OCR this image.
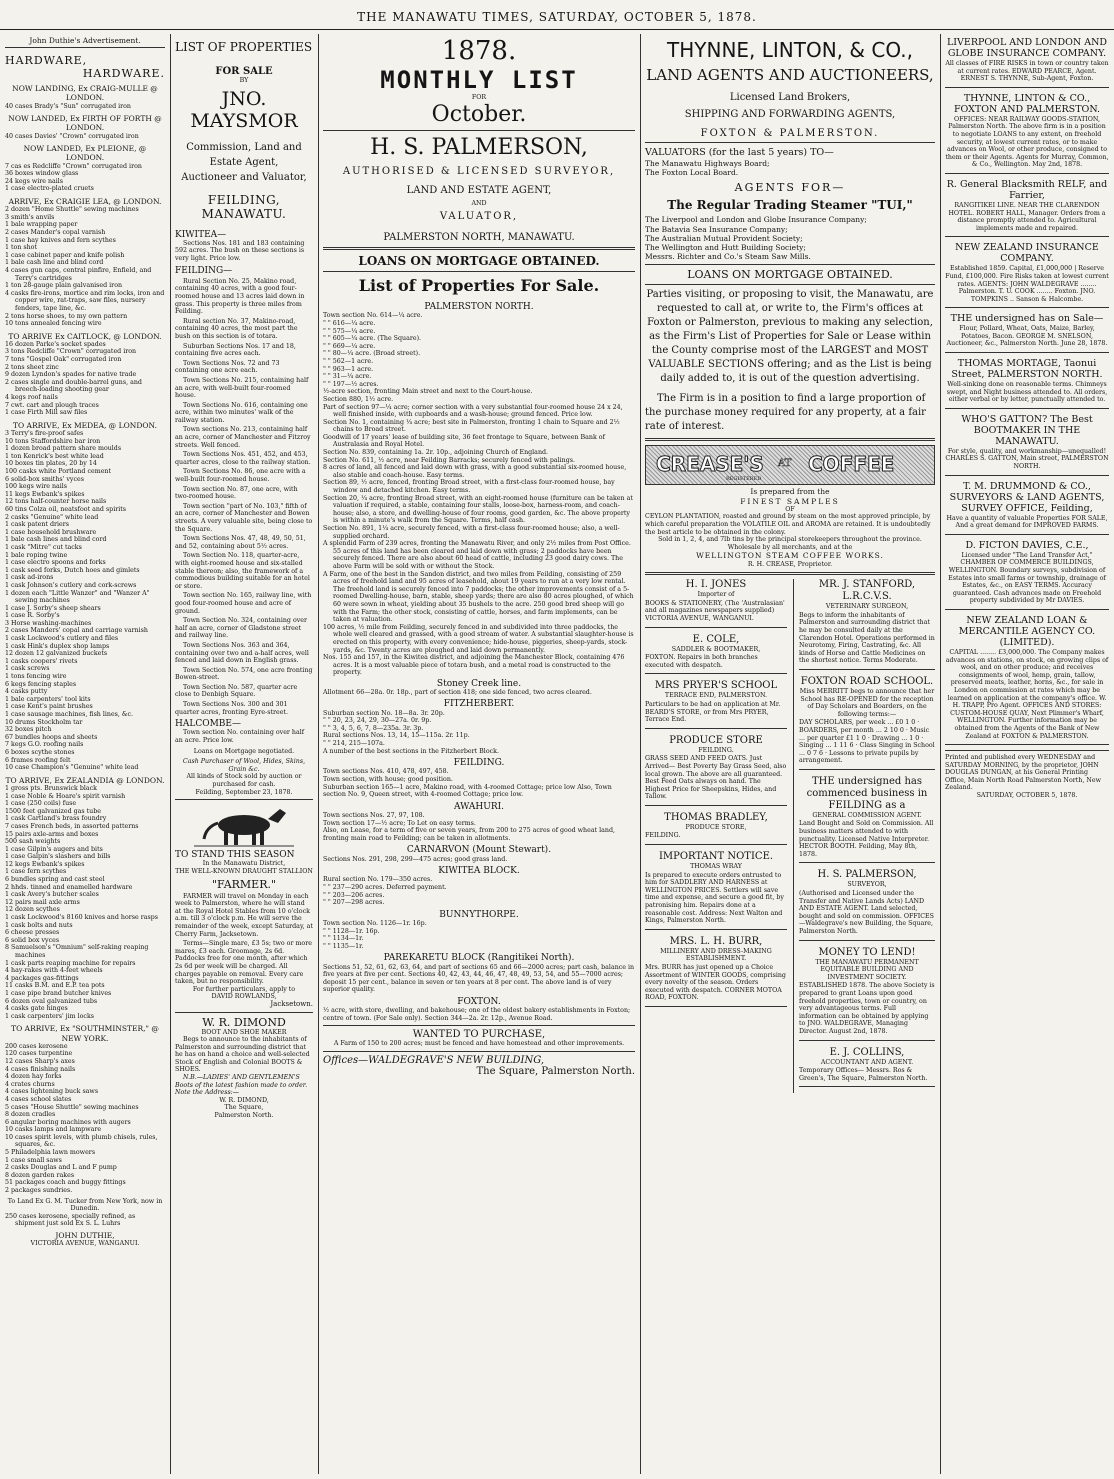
THE MANAWATU TIMES, SATURDAY, OCTOBER 5, 1878.
John Duthie's Advertisement.
HARDWARE,
HARDWARE.
NOW LANDING, Ex CRAIG-MULLE @ LONDON.
40 cases Brady's "Sun" corrugated iron
NOW LANDED, Ex FIRTH OF FORTH @ LONDON.
40 cases Davies' "Crown" corrugated iron
NOW LANDED, Ex PLEIONE, @ LONDON.
7 cas es Redcliffe "Crown" corrugated iron
36 boxes window glass
24 kegs wire nails
1 case electro-plated cruets
ARRIVE, Ex CRAIGIE LEA, @ LONDON.
2 dozen "Home Shuttle" sewing machines
3 smith's anvils
1 bale wrapping paper
2 cases Mander's copal varnish
1 case hay knives and fern scythes
1 ton shot
1 case cabinet paper and knife polish
1 bale cash line and blind cord
4 cases gun caps, central pinfire, Enfield, and Terry's cartridges
1 ton 28-gauge plain galvanised iron
4 casks fire-irons, mortice and rim locks, iron and copper wire, rat-traps, saw files, nursery fenders, tape line, &c.
2 tons horse shoes, to my own pattern
10 tons annealed fencing wire
TO ARRIVE Ex CAITLOCK, @ LONDON.
16 dozen Parke's socket spades
3 tons Redcliffe "Crown" corrugated iron
7 tons "Gospel Oak" corrugated iron
2 tons sheet zinc
9 dozen Lyndon's spades for native trade
2 cases single and double-barrel guns, and breech-loading shooting gear
4 kegs roof nails
7 cwt. cart and plough traces
1 case Firth Mill saw files
TO ARRIVE, Ex MEDEA, @ LONDON.
3 Terry's fire-proof safes
10 tons Staffordshire bar iron
1 dozen broad pattern share moulds
1 ton Kenrick's best white lead
10 boxes tin plates, 20 by 14
100 casks white Portland cement
6 solid-box smiths' vyces
100 kegs wire nails
11 kegs Ewbank's spikes
12 tons half-counter horse nails
60 tins Colza oil, neatsfoot and spirits
2 casks "Genuine" white lead
1 cask patent driers
1 case household brushware
1 bale cash lines and blind cord
1 cask "Mitre" cut tacks
1 bale roping twine
1 case electro spoons and forks
1 cask seed forks, Dutch hoes and gimlets
1 cask ad-irons
1 cask Johnson's cutlery and cork-screws
1 dozen each "Little Wanzer" and "Wanzer A" sewing machines
1 case J. Sorby's sheep shears
1 case R. Sorby's
3 Horse washing-machines
2 cases Manders' copal and carriage varnish
1 cask Lockwood's cutlery and files
1 cask Hink's duplex shop lamps
12 dozen 12 galvanized buckets
1 casks coopers' rivets
1 cask screws
1 tons fencing wire
6 kegs fencing staples
4 casks putty
1 bale carpenters' tool kits
1 case Kent's paint brushes
1 case sausage machines, fish lines, &c.
10 drums Stockholm tar
32 boxes pitch
67 bundles hoops and sheets
7 kegs G.O. roofing nails
6 boxes scythe stones
6 frames roofing felt
10 case Champion's "Genuine" white lead
TO ARRIVE, Ex ZEALANDIA @ LONDON.
1 gross pts. Brunswick black
1 case Noble & Hoare's spirit varnish
1 case (250 coils) fuse
1500 feet galvanized gas tube
1 cask Cartland's brass foundry
7 cases French beds, in assorted patterns
15 pairs axle-arms and boxes
500 sash weights
1 case Gilpin's augers and bits
1 case Galpin's slashers and bills
12 kegs Ewbank's spikes
1 case fern scythes
6 bundles spring and cast steel
2 hhds. tinned and enamelled hardware
1 cask Avery's butcher scales
12 pairs mail axle arms
12 dozen scythes
1 cask Lockwood's 8160 knives and horse rasps
1 cask bolts and nuts
6 cheese presses
6 solid box vyces
8 Samuelson's "Omnium" self-raking reaping machines
1 cask parts reaping machine for repairs
4 hay-rakes with 4-feet wheels
4 packages gas-fittings
11 casks B.M. and E.P. tea pots
1 case pipe brand butcher knives
6 dozen oval galvanized tubs
4 casks gate hinges
1 cask carpenters' jim locks
TO ARRIVE, Ex "SOUTHMINSTER," @ NEW YORK.
200 cases kerosene
120 cases turpentine
12 cases Sharp's axes
4 cases finishing nails
4 dozen hay forks
4 crates churns
4 cases lightening buck saws
4 cases school slates
5 cases "House Shuttle" sewing machines
8 dozen cradles
6 angular boring machines with augers
10 casks lamps and lampware
10 cases spirit levels, with plumb chisels, rules, squares, &c.
5 Philadelphia lawn mowers
1 case small saws
2 casks Douglas and L and F pump
8 dozen garden rakes
51 packages coach and buggy fittings
2 packages sundries.
To Land Ex G. M. Tucker from New York, now in Dunedin.
250 cases kerosene, specially refined, as shipment just sold Ex S. L. Luhrs
JOHN DUTHIE,
VICTORIA AVENUE, WANGANUI.
LIST OF PROPERTIES
FOR SALE
BY
JNO. MAYSMOR
Commission, Land and
Estate Agent,
Auctioneer and Valuator,
FEILDING, MANAWATU.
KIWITEA—
Sections Nos. 181 and 183 containing 592 acres. The bush on these sections is very light. Price low.
FEILDING—
Rural Section No. 25, Makino road, containing 40 acres, with a good four-roomed house and 13 acres laid down in grass. This property is three miles from Feilding.
Rural section No. 37, Makino-road, containing 40 acres, the most part the bush on this section is of totara.
Suburban Sections Nos. 17 and 18, containing five acres each.
Town Sections Nos. 72 and 73 containing one acre each.
Town Sections No. 215, containing half an acre, with well-built four-roomed house.
Town Sections No. 616, containing one acre, within two minutes' walk of the railway station.
Town sections No. 213, containing half an acre, corner of Manchester and Fitzroy streets. Well fenced.
Town Sections Nos. 451, 452, and 453, quarter acres, close to the railway station.
Town Sections No. 86, one acre with a well-built four-roomed house.
Town section No. 87, one acre, with two-roomed house.
Town section "part of No. 103," fifth of an acre, corner of Manchester and Bowen streets. A very valuable site, being close to the Square.
Town Sections Nos. 47, 48, 49, 50, 51, and 52, containing about 5½ acres.
Town Section No. 118, quarter-acre, with eight-roomed house and six-stalled stable thereon; also, the framework of a commodious building suitable for an hotel or store.
Town section No. 165, railway line, with good four-roomed house and acre of ground.
Town Section No. 324, containing over half an acre, corner of Gladstone street and railway line.
Town Sections Nos. 363 and 364, containing over two and a-half acres, well fenced and laid down in English grass.
Town Section No. 574, one acre fronting Bowen-street.
Town Section No. 587, quarter acre close to Denbigh Square.
Town Sections Nos. 300 and 301 quarter acres, fronting Eyre-street.
HALCOMBE—
Town section No. containing over half an acre. Price low.
Loans on Mortgage negotiated.
Cash Purchaser of Wool, Hides, Skins, Grain &c.
All kinds of Stock sold by auction or purchased for cash.
Feilding, September 23, 1878.
TO STAND THIS SEASON
In the Manawatu District,
THE WELL-KNOWN DRAUGHT STALLION
"FARMER."
FARMER will travel on Monday in each week to Palmerston, where he will stand at the Royal Hotel Stables from 10 o'clock a.m. till 3 o'clock p.m. He will serve the remainder of the week, except Saturday, at Cherry Farm, Jacksetown.
Terms—Single mare, £3 5s; two or more mares, £3 each. Groomage, 2s 6d. Paddocks free for one month, after which 2s 6d per week will be charged. All charges payable on removal. Every care taken, but no responsibility.
For further particulars, apply to
DAVID ROWLANDS,
Jacksetown.
W. R. DIMOND
BOOT AND SHOE MAKER
Begs to announce to the inhabitants of Palmerston and surrounding district that he has on hand a choice and well-selected Stock of English and Colonial BOOTS & SHOES.
N.B.—LADIES' AND GENTLEMEN'S Boots of the latest fashion made to order.
Note the Address:—
W. R. DIMOND,
The Square,
Palmerston North.
1878.
MONTHLY LIST
FOR
October.
H. S. PALMERSON,
AUTHORISED & LICENSED SURVEYOR,
LAND AND ESTATE AGENT,
AND
VALUATOR,
PALMERSTON NORTH, MANAWATU.
LOANS ON MORTGAGE OBTAINED.
List of Properties For Sale.
PALMERSTON NORTH.
Town section No. 614—¼ acre.
" " 616—¼ acre.
" " 575—¼ acre.
" " 605—¼ acre. (The Square).
" " 669—¼ acre.
" " 80—¼ acre. (Broad street).
" " 562—1 acre.
" " 963—1 acre.
" " 31—¼ acre.
" " 197—½ acres.
½-acre section, fronting Main street and next to the Court-house.
Section 880, 1½ acre.
Part of section 97—¼ acre; corner section with a very substantial four-roomed house 24 x 24, well finished inside, with cupboards and a wash-house; ground fenced. Price low.
Section No. 1, containing ¼ acre; best site in Palmerston, fronting 1 chain to Square and 2½ chains to Broad street.
Goodwill of 17 years' lease of building site, 36 feet frontage to Square, between Bank of Australasia and Royal Hotel.
Section No. 839, containing 1a. 2r. 10p., adjoining Church of England.
Section No. 611, ½ acre, near Feilding Barracks; securely fenced with palings.
8 acres of land, all fenced and laid down with grass, with a good substantial six-roomed house, also stable and coach-house. Easy terms.
Section 89, ½ acre, fenced, fronting Broad street, with a first-class four-roomed house, bay window and detached kitchen. Easy terms.
Section 20, ¼ acre, fronting Broad street, with an eight-roomed house (furniture can be taken at valuation if required, a stable, containing four stalls, loose-box, harness-room, and coach-house; also, a store, and dwelling-house of four rooms, good garden, &c. The above property is within a minute's walk from the Square. Terms, half cash.
Section No. 891, 1¼ acre, securely fenced, with a first-class four-roomed house; also, a well-supplied orchard.
A splendid Farm of 239 acres, fronting the Manawatu River, and only 2½ miles from Post Office. 55 acres of this land has been cleared and laid down with grass; 2 paddocks have been securely fenced. There are also about 60 head of cattle, including 23 good dairy cows. The above Farm will be sold with or without the Stock.
A Farm, one of the best in the Sandon district, and two miles from Feilding, consisting of 259 acres of freehold land and 95 acres of leasehold, about 19 years to run at a very low rental. The freehold land is securely fenced into 7 paddocks; the other improvements consist of a 5-roomed Dwelling-house, barn, stable, sheep yards; there are also 80 acres ploughed, of which 60 were sown in wheat, yielding about 35 bushels to the acre. 250 good bred sheep will go with the Farm; the other stock, consisting of cattle, horses, and farm implements, can be taken at valuation.
100 acres, ½ mile from Feilding, securely fenced in and subdivided into three paddocks, the whole well cleared and grassed, with a good stream of water. A substantial slaughter-house is erected on this property, with every convenience; hide-house, piggeries, sheep-yards, stock-yards, &c. Twenty acres are ploughed and laid down permanently.
Nos. 155 and 157, in the Kiwitea district, and adjoining the Manchester Block, containing 476 acres. It is a most valuable piece of totara bush, and a metal road is constructed to the property.
Stoney Creek line.
Allotment 66—28a. 0r. 18p., part of section 418; one side fenced, two acres cleared.
FITZHERBERT.
Suburban section No. 18—8a. 3r. 20p.
" " 20, 23, 24, 29, 30—27a. 0r. 9p.
" " 3, 4, 5, 6, 7, 8—235a. 3r. 3p.
Rural sections Nos. 13, 14, 15—115a. 2r. 11p.
" " 214, 215—107a.
A number of the best sections in the Fitzherbert Block.
FEILDING.
Town sections Nos. 410, 478, 497, 458.
Town section, with house; good position.
Suburban section 165—1 acre, Makino road, with 4-roomed Cottage; price low Also, Town section No. 9, Queen street, with 4-roomed Cottage; price low.
AWAHURI.
Town sections Nos. 27, 97, 108.
Town section 17—½ acre; To Let on easy terms.
Also, on Lease, for a term of five or seven years, from 200 to 275 acres of good wheat land, fronting main road to Feilding; can be taken in allotments.
CARNARVON (Mount Stewart).
Sections Nos. 291, 298, 299—475 acres; good grass land.
KIWITEA BLOCK.
Rural section No. 179—350 acres.
" " 237—290 acres. Deferred payment.
" " 203—206 acres.
" " 207—298 acres.
BUNNYTHORPE.
Town section No. 1126—1r. 16p.
" " 1128—1r. 16p.
" " 1134—1r.
" " 1135—1r.
PAREKARETU BLOCK (Rangitikei North).
Sections 51, 52, 61, 62, 63, 64, and part of sections 65 and 66—2000 acres; part cash, balance in five years at five per cent. Sections 40, 42, 43, 44, 46, 47, 48, 49, 53, 54, and 55—7000 acres; deposit 15 per cent., balance in seven or ten years at 8 per cent. The above land is of very superior quality.
FOXTON.
½ acre, with store, dwelling, and bakehouse; one of the oldest bakery establishments in Foxton; centre of town. (For Sale only). Section 344—2a. 2r. 12p., Avenue Road.
WANTED TO PURCHASE,
A Farm of 150 to 200 acres; must be fenced and have homestead and other improvements.
Offices—WALDEGRAVE'S NEW BUILDING,
The Square, Palmerston North.
THYNNE, LINTON, & CO.,
LAND AGENTS AND AUCTIONEERS,
Licensed Land Brokers,
SHIPPING AND FORWARDING AGENTS,
FOXTON & PALMERSTON.
VALUATORS (for the last 5 years) TO—
The Manawatu Highways Board;
The Foxton Local Board.
AGENTS FOR—
The Regular Trading Steamer "TUI,"
The Liverpool and London and Globe Insurance Company;
The Batavia Sea Insurance Company;
The Australian Mutual Provident Society;
The Wellington and Hutt Building Society;
Messrs. Richter and Co.'s Steam Saw Mills.
LOANS ON MORTGAGE OBTAINED.
Parties visiting, or proposing to visit, the Manawatu, are requested to call at, or write to, the Firm's offices at Foxton or Palmerston, previous to making any selection, as the Firm's List of Properties for Sale or Lease within the County comprise most of the LARGEST and MOST VALUABLE SECTIONS offering; and as the List is being daily added to, it is out of the question advertising.
The Firm is in a position to find a large proportion of the purchase money required for any property, at a fair rate of interest.
CREASE'S AT COFFEE
REGISTERED
Is prepared from the
FINEST SAMPLES
OF
CEYLON PLANTATION, roasted and ground by steam on the most approved principle, by which careful preparation the VOLATILE OIL and AROMA are retained. It is undoubtedly the best article to be obtained in the colony.
Sold in 1, 2, 4, and 7lb tins by the principal storekeepers throughout the province.
Wholesale by all merchants, and at the
WELLINGTON STEAM COFFEE WORKS.
R. H. CREASE, Proprietor.
H. I. JONES
Importer of
BOOKS & STATIONERY, (The 'Australasian' and all magazines newspapers supplied) VICTORIA AVENUE, WANGANUI.
E. COLE,
SADDLER & BOOTMAKER,
FOXTON. Repairs in both branches executed with despatch.
MRS PRYER'S SCHOOL
TERRACE END, PALMERSTON.
Particulars to be had on application at Mr. BEARD'S STORE, or from Mrs PRYER, Terrace End.
PRODUCE STORE
FEILDING.
GRASS SEED AND FEED OATS. Just Arrived— Best Poverty Bay Grass Seed, also local grown. The above are all guaranteed. Best Feed Oats always on hand. The Highest Price for Sheepskins, Hides, and Tallow.
THOMAS BRADLEY,
PRODUCE STORE,
FEILDING.
IMPORTANT NOTICE.
THOMAS WRAY
Is prepared to execute orders entrusted to him for SADDLERY AND HARNESS at WELLINGTON PRICES. Settlers will save time and expense, and secure a good fit, by patronising him. Repairs done at a reasonable cost. Address: Next Walton and Kings, Palmerston North.
MRS. L. H. BURR,
MILLINERY AND DRESS-MAKING ESTABLISHMENT.
Mrs. BURR has just opened up a Choice Assortment of WINTER GOODS, comprising every novelty of the season. Orders executed with despatch. CORNER MOTOA ROAD, FOXTON.
MR. J. STANFORD, L.R.C.V.S.
VETERINARY SURGEON,
Begs to inform the inhabitants of Palmerston and surrounding district that he may be consulted daily at the Clarendon Hotel. Operations performed in Neurotomy, Firing, Castrating, &c. All kinds of Horse and Cattle Medicines on the shortest notice. Terms Moderate.
FOXTON ROAD SCHOOL.
Miss MERRITT begs to announce that her School has RE-OPENED for the reception of Day Scholars and Boarders, on the following terms:—
DAY SCHOLARS, per week ... £0 1 0 · BOARDERS, per month ... 2 10 0 · Music ... per quarter £1 1 0 · Drawing ... 1 0 · Singing ... 1 11 6 · Class Singing in School ... 0 7 6 · Lessons to private pupils by arrangement.
THE undersigned has commenced business in FEILDING as a
GENERAL COMMISSION AGENT.
Land Bought and Sold on Commission. All business matters attended to with punctuality. Licensed Native Interpreter. HECTOR BOOTH. Feilding, May 8th, 1878.
H. S. PALMERSON,
SURVEYOR,
(Authorised and Licensed under the Transfer and Native Lands Acts) LAND AND ESTATE AGENT. Land selected, bought and sold on commission. OFFICES—Waldegrave's new Building, the Square, Palmerston North.
MONEY TO LEND!
THE MANAWATU PERMANENT EQUITABLE BUILDING AND INVESTMENT SOCIETY.
ESTABLISHED 1878. The above Society is prepared to grant Loans upon good freehold properties, town or country, on very advantageous terms. Full information can be obtained by applying to JNO. WALDEGRAVE, Managing Director. August 2nd, 1878.
E. J. COLLINS,
ACCOUNTANT AND AGENT.
Temporary Offices— Messrs. Ros & Green's, The Square, Palmerston North.
LIVERPOOL AND LONDON AND GLOBE INSURANCE COMPANY.
All classes of FIRE RISKS in town or country taken at current rates. EDWARD PEARCE, Agent. ERNEST S. THYNNE, Sub-Agent, Foxton.
THYNNE, LINTON & CO., FOXTON AND PALMERSTON.
OFFICES: NEAR RAILWAY GOODS-STATION, Palmerston North. The above firm is in a position to negotiate LOANS to any extent, on freehold security, at lowest current rates, or to make advances on Wool, or other produce, consigned to them or their Agents. Agents for Murray, Common, & Co., Wellington. May 2nd, 1878.
R. General Blacksmith RELF, and Farrier,
RANGITIKEI LINE. NEAR THE CLARENDON HOTEL. ROBERT HALL, Manager. Orders from a distance promptly attended to. Agricultural implements made and repaired.
NEW ZEALAND INSURANCE COMPANY.
Established 1859. Capital, £1,000,000 | Reserve Fund, £100,000. Fire Risks taken at lowest current rates. AGENTS: JOHN WALDEGRAVE ........ Palmerston. T. U. COOK ........ Foxton. JNO. TOMPKINS .. Sanson & Halcombe.
THE undersigned has on Sale—
Flour, Pollard, Wheat, Oats, Maize, Barley, Potatoes, Bacon. GEORGE M. SNELSON, Auctioneer, &c., Palmerston North. June 28, 1878.
THOMAS MORTAGE, Taonui Street, PALMERSTON NORTH.
Well-sinking done on reasonable terms. Chimneys swept, and Night business attended to. All orders, either verbal or by letter, punctually attended to.
WHO'S GATTON? The Best BOOTMAKER IN THE MANAWATU.
For style, quality, and workmanship—unequalled! CHARLES S. GATTON, Main street, PALMERSTON NORTH.
T. M. DRUMMOND & CO., SURVEYORS & LAND AGENTS, SURVEY OFFICE, Feilding,
Have a quantity of valuable Properties FOR SALE, And a great demand for IMPROVED FARMS.
D. FICTON DAVIES, C.E.,
Licensed under "The Land Transfer Act," CHAMBER OF COMMERCE BUILDINGS, WELLINGTON. Boundary surveys, subdivision of Estates into small farms or township, drainage of Estates, &c., on EASY TERMS. Accuracy guaranteed. Cash advances made on Freehold property subdivided by Mr DAVIES.
NEW ZEALAND LOAN & MERCANTILE AGENCY CO. (LIMITED).
CAPITAL ........ £3,000,000. The Company makes advances on stations, on stock, on growing clips of wool, and on other produce; and receives consignments of wool, hemp, grain, tallow, preserved meats, leather, horns, &c., for sale in London on commission at rates which may be learned on application at the company's office. W. H. TRAPP, Pro Agent. OFFICES AND STORES: CUSTOM-HOUSE QUAY, Next Plimmer's Wharf, WELLINGTON. Further information may be obtained from the Agents of the Bank of New Zealand at FOXTON & PALMERSTON.
Printed and published every WEDNESDAY and SATURDAY MORNING, by the proprietor, JOHN DOUGLAS DUNGAN, at his General Printing Office, Main North Road Palmerston North, New Zealand.
SATURDAY, OCTOBER 5, 1878.
